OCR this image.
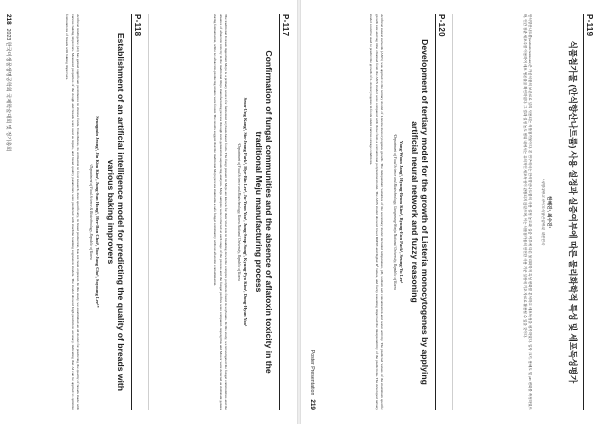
P-117
Confirmation of fungal communities and the absence of aflatoxin toxicity in the traditional Meju manufacturing process
Seon-Ung Kang¹, Sin-Jeong Park¹, Hye-Bin Lee¹, Ju-Yeon Yoo¹, Jung-Seop Song¹, Kyung-Pyo Kim¹, Dong-Hyun Yoo¹
¹Department of Food Science and Biotechnology, Korea National University, Republic of Korea
The traditional Korean ingredient Meju is a primary source for fermented soybean-based foods. The fungi present in Meju are known for their vital role in breaking down the complex polymers found in soybeans. In this study, we investigated the fungal communities and the absence of aflatoxin toxicity in the traditional Meju manufacturing process through next-generation sequencing analysis. Meju samples were collected at each stage of the process and the fungal profiles were compared. Aspergillus and Mucor were detected as dominant genera during fermentation, while no aflatoxin-producing strains were found. The results suggest that the traditional Meju process maintains a safe fungal community without aflatoxin contamination.
P-118
Establishment of an artificial intelligence model for predicting the quality of breads with various baking improvers
Seungmin Jeong¹, Jin Kim Kim¹, Jung-Sun Hong¹, Hee-Bon Choi¹, Yoo-Jung Cho¹, Soyoung Lee¹*
¹Department of Food Science & Biotechnology, Republic of Korea
Artificial intelligence (AI) has gained significant prominence in diverse fields. Nonetheless, its utilization in food research, more specifically, in bread production, has not been explored. In this study, we established an AI model for predicting the quality of breads made with various baking improvers. Measured properties of the dough and breads were used as inputs, and bread quality parameters were predicted with machine learning regression models. The model showed high prediction accuracy, indicating that AI can be applied to optimize formulations of breads with baking improvers.
2182023 한국미생물생명공학회 국제학술대회 및 정기총회
P-119
식품첨가물 (안식향산나트륨) 사용 설정과 실증여부에 따른 물리화학적 특성 및 세포독성평가
한혜진¹, 최수진¹
¹세명대학교 바이오식품산업학과, 대한민국
안식향산나트륨(sodium benzoate)은 가공식품의 보존료로 널리 사용되는 식품첨가물이다. 본 연구에서는 안식향산나트륨의 사용 설정 농도와 실증 여부에 따른 물리화학적 특성 변화를 분석하고 세포독성을 평가하였다. 입자 크기, 용해도 및 pH 변화를 측정하였으며, 인간 장관 세포주를 이용하여 세포 생존율을 확인하였다. 그 결과 설정 농도 범위 내에서는 유의적인 세포독성이 관찰되지 않았으며, 이는 식품첨가물의 안전한 사용 기준 설정에 기초 자료로 활용될 수 있을 것이다.
P-120
Development of tertiary model for the growth of Listeria monocytogenes by applying artificial neural network and fuzzy reasoning
Yong-Woon Jang¹, Hyung-Beom Kim², Byung-Eun Park¹, Seung-Yu Lee¹
¹Department of Food Science and Biotechnology, Gangneung-Wonju National University, Republic of Korea
Artificial neural network (ANN) was applied to the tertiary model of Listeria monocytogenes growth. The independent variables of the secondary model included temperature, pH, sodium salt concentration and water activity. The predicted values of the maximum specific growth rate and lag time obtained from the ANN model were compared with those from a conventional polynomial model. The ANN model showed lower RMSE and higher R² values, and fuzzy reasoning improved the interpretability of the predictions. The developed tertiary model could be used to predict the growth of L. monocytogenes in foods under various storage conditions.
Poster Presentation219
